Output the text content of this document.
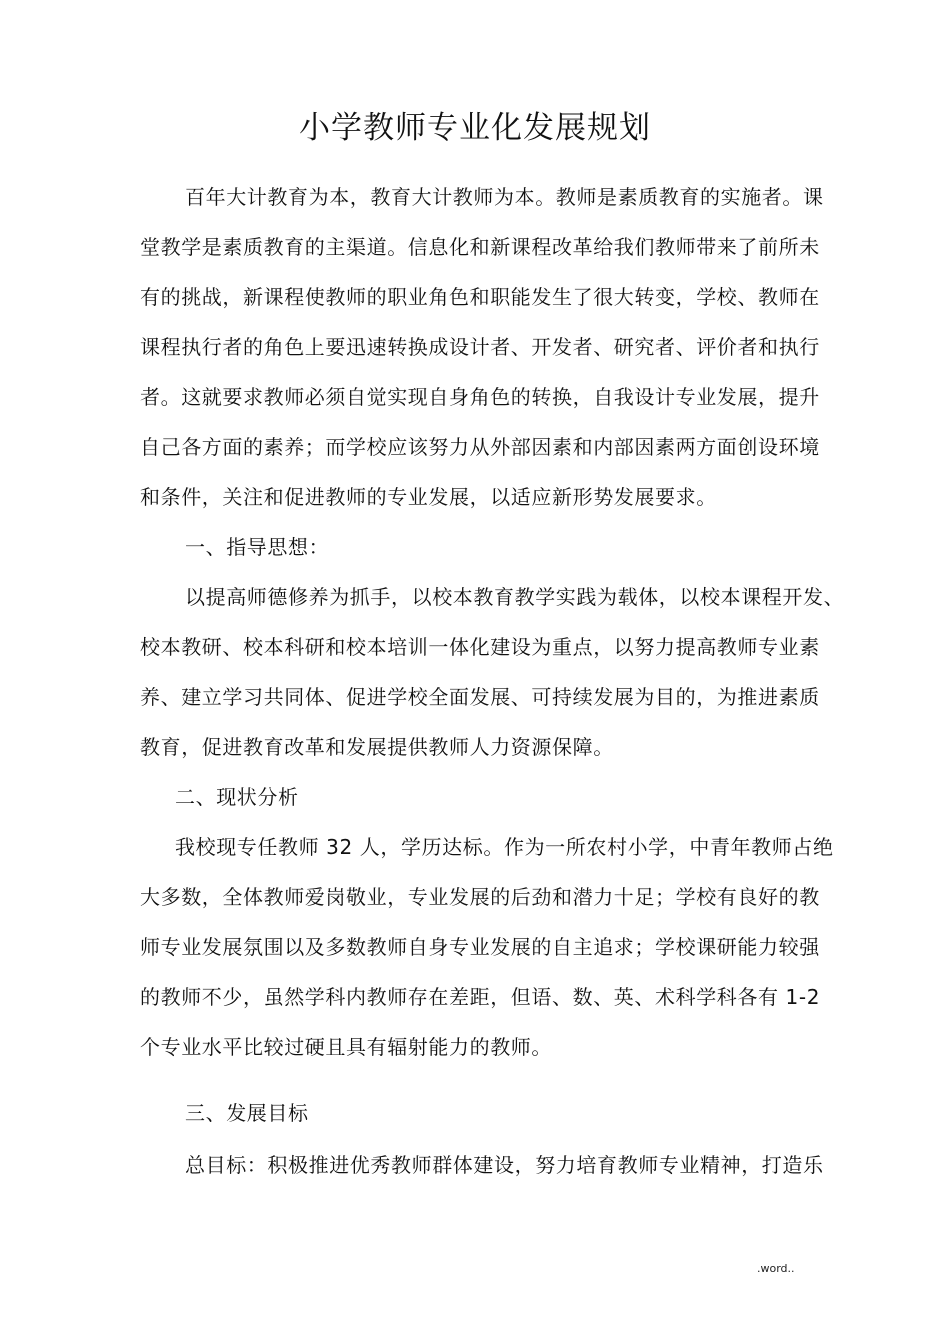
小学教师专业化发展规划

百年大计教育为本，教育大计教师为本。教师是素质教育的实施者。课

堂教学是素质教育的主渠道。信息化和新课程改革给我们教师带来了前所未

有的挑战，新课程使教师的职业角色和职能发生了很大转变，学校、教师在

课程执行者的角色上要迅速转换成设计者、开发者、研究者、评价者和执行

者。这就要求教师必须自觉实现自身角色的转换，自我设计专业发展，提升

自己各方面的素养；而学校应该努力从外部因素和内部因素两方面创设环境

和条件，关注和促进教师的专业发展，以适应新形势发展要求。

一、指导思想：

以提高师德修养为抓手，以校本教育教学实践为载体，以校本课程开发、

校本教研、校本科研和校本培训一体化建设为重点，以努力提高教师专业素

养、建立学习共同体、促进学校全面发展、可持续发展为目的，为推进素质

教育，促进教育改革和发展提供教师人力资源保障。

二、现状分析

我校现专任教师 32 人，学历达标。作为一所农村小学，中青年教师占绝

大多数，全体教师爱岗敬业，专业发展的后劲和潜力十足；学校有良好的教

师专业发展氛围以及多数教师自身专业发展的自主追求；学校课研能力较强

的教师不少，虽然学科内教师存在差距，但语、数、英、术科学科各有 1-2

个专业水平比较过硬且具有辐射能力的教师。

三、发展目标

总目标：积极推进优秀教师群体建设，努力培育教师专业精神，打造乐

.word..
